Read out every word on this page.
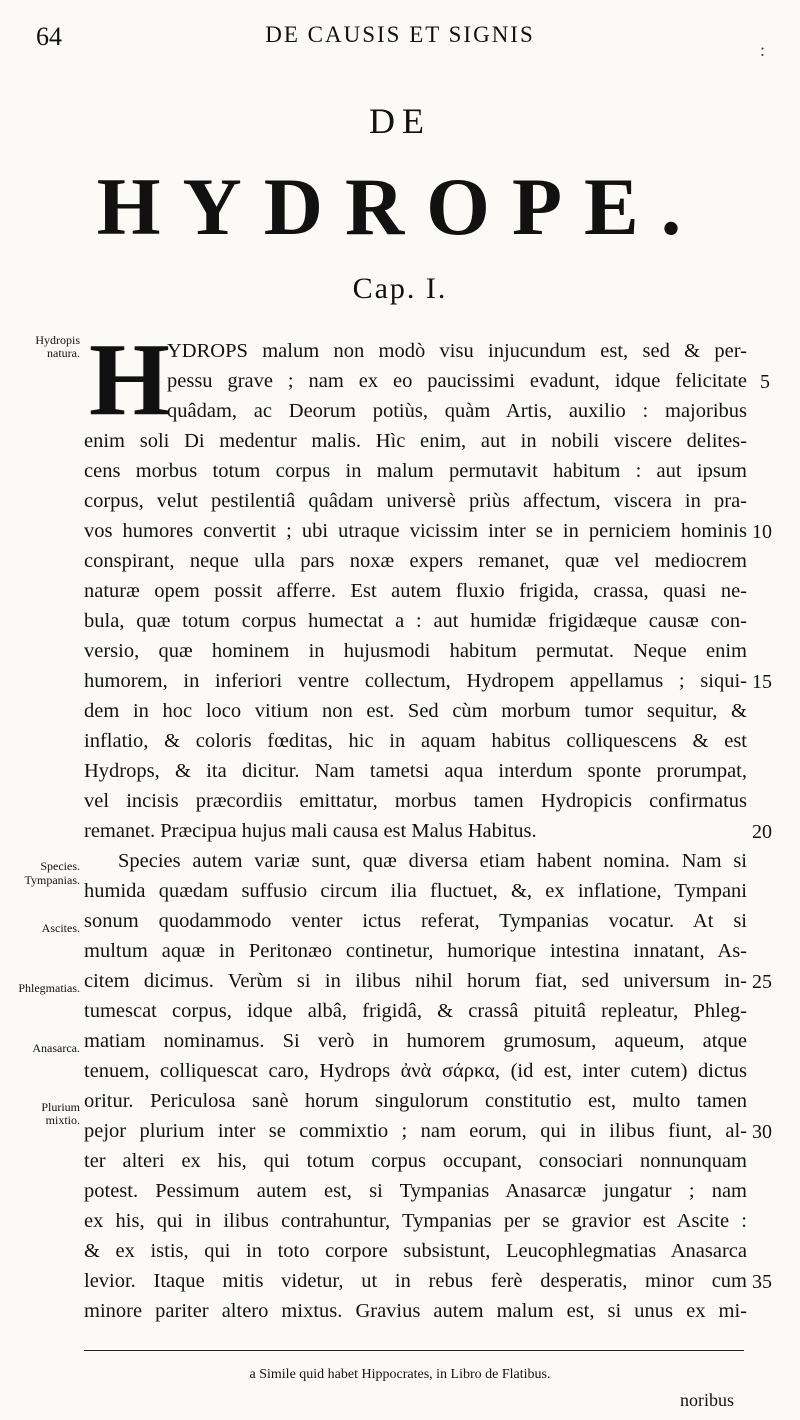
64	DE CAUSIS ET SIGNIS
:
DE
HYDROPE.
Cap. I.
Hydropis natura.
Species.
Tympanias.
Ascites.
Phlegmatias.
Anasarca.
Plurium mixtio.
H
YDROPS malum non modò visu injucundum est, sed & per-
pessu grave ; nam ex eo paucissimi evadunt, idque felicitate
quâdam, ac Deorum potiùs, quàm Artis, auxilio : majoribus
enim soli Di medentur malis. Hìc enim, aut in nobili viscere delites-
cens morbus totum corpus in malum permutavit habitum : aut ipsum
corpus, velut pestilentiâ quâdam universè priùs affectum, viscera in pra-
vos humores convertit ; ubi utraque vicissim inter se in perniciem hominis
conspirant, neque ulla pars noxæ expers remanet, quæ vel mediocrem
naturæ opem possit afferre. Est autem fluxio frigida, crassa, quasi ne-
bula, quæ totum corpus humectat a : aut humidæ frigidæque causæ con-
versio, quæ hominem in hujusmodi habitum permutat. Neque enim
humorem, in inferiori ventre collectum, Hydropem appellamus ; siqui-
dem in hoc loco vitium non est. Sed cùm morbum tumor sequitur, &
inflatio, & coloris fœditas, hic in aquam habitus colliquescens & est
Hydrops, & ita dicitur. Nam tametsi aqua interdum sponte prorumpat,
vel incisis præcordiis emittatur, morbus tamen Hydropicis confirmatus
remanet. Præcipua hujus mali causa est Malus Habitus.
Species autem variæ sunt, quæ diversa etiam habent nomina. Nam si
humida quædam suffusio circum ilia fluctuet, &, ex inflatione, Tympani
sonum quodammodo venter ictus referat, Tympanias vocatur. At si
multum aquæ in Peritonæo continetur, humorique intestina innatant, As-
citem dicimus. Verùm si in ilibus nihil horum fiat, sed universum in-
tumescat corpus, idque albâ, frigidâ, & crassâ pituitâ repleatur, Phleg-
matiam nominamus. Si verò in humorem grumosum, aqueum, atque
tenuem, colliquescat caro, Hydrops ἀνὰ σάρκα, (id est, inter cutem) dictus
oritur. Periculosa sanè horum singulorum constitutio est, multo tamen
pejor plurium inter se commixtio ; nam eorum, qui in ilibus fiunt, al-
ter alteri ex his, qui totum corpus occupant, consociari nonnunquam
potest. Pessimum autem est, si Tympanias Anasarcæ jungatur ; nam
ex his, qui in ilibus contrahuntur, Tympanias per se gravior est Ascite :
& ex istis, qui in toto corpore subsistunt, Leucophlegmatias Anasarca
levior. Itaque mitis videtur, ut in rebus ferè desperatis, minor cum
minore pariter altero mixtus. Gravius autem malum est, si unus ex mi-
5
10
15
20
25
30
35
a Simile quid habet Hippocrates, in Libro de Flatibus.
noribus
